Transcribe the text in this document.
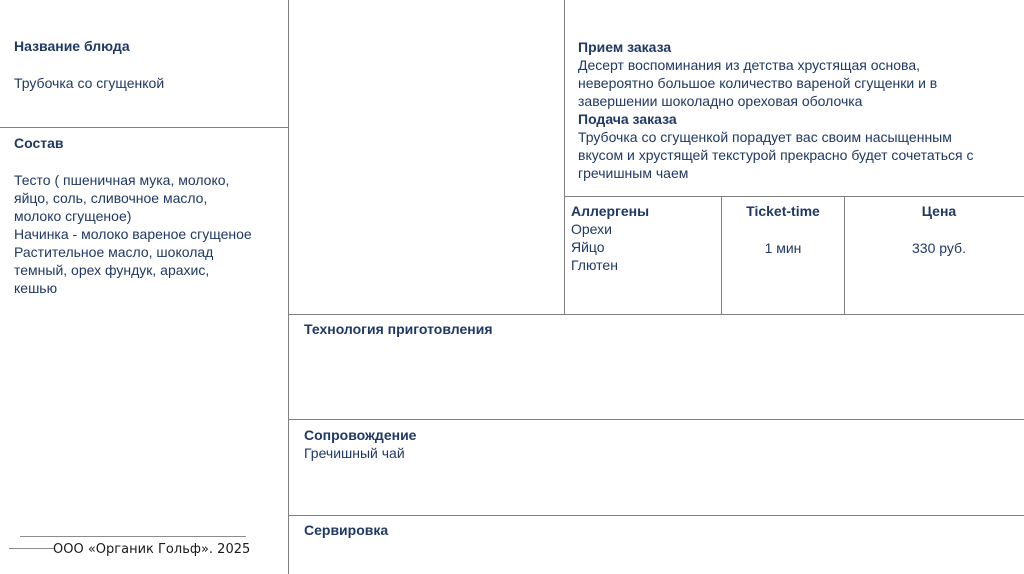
Название блюда
Трубочка со сгущенкой
Состав
Тесто ( пшеничная мука, молоко,
яйцо, соль, сливочное масло,
молоко сгущеное)
Начинка - молоко вареное сгущеное
Растительное масло, шоколад
темный, орех фундук, арахис,
кешью
Прием заказа
Десерт воспоминания из детства хрустящая основа,
невероятно большое количество вареной сгущенки и в
завершении шоколадно ореховая оболочка
Подача заказа
Трубочка со сгущенкой порадует вас своим насыщенным
вкусом и хрустящей текстурой прекрасно будет сочетаться с
гречишным чаем
Аллергены
Орехи
Яйцо
Глютен
Ticket-time
1 мин
Цена
330 руб.
Технология приготовления
Сопровождение
Гречишный чай
Сервировка
ООО «Органик Гольф». 2025
